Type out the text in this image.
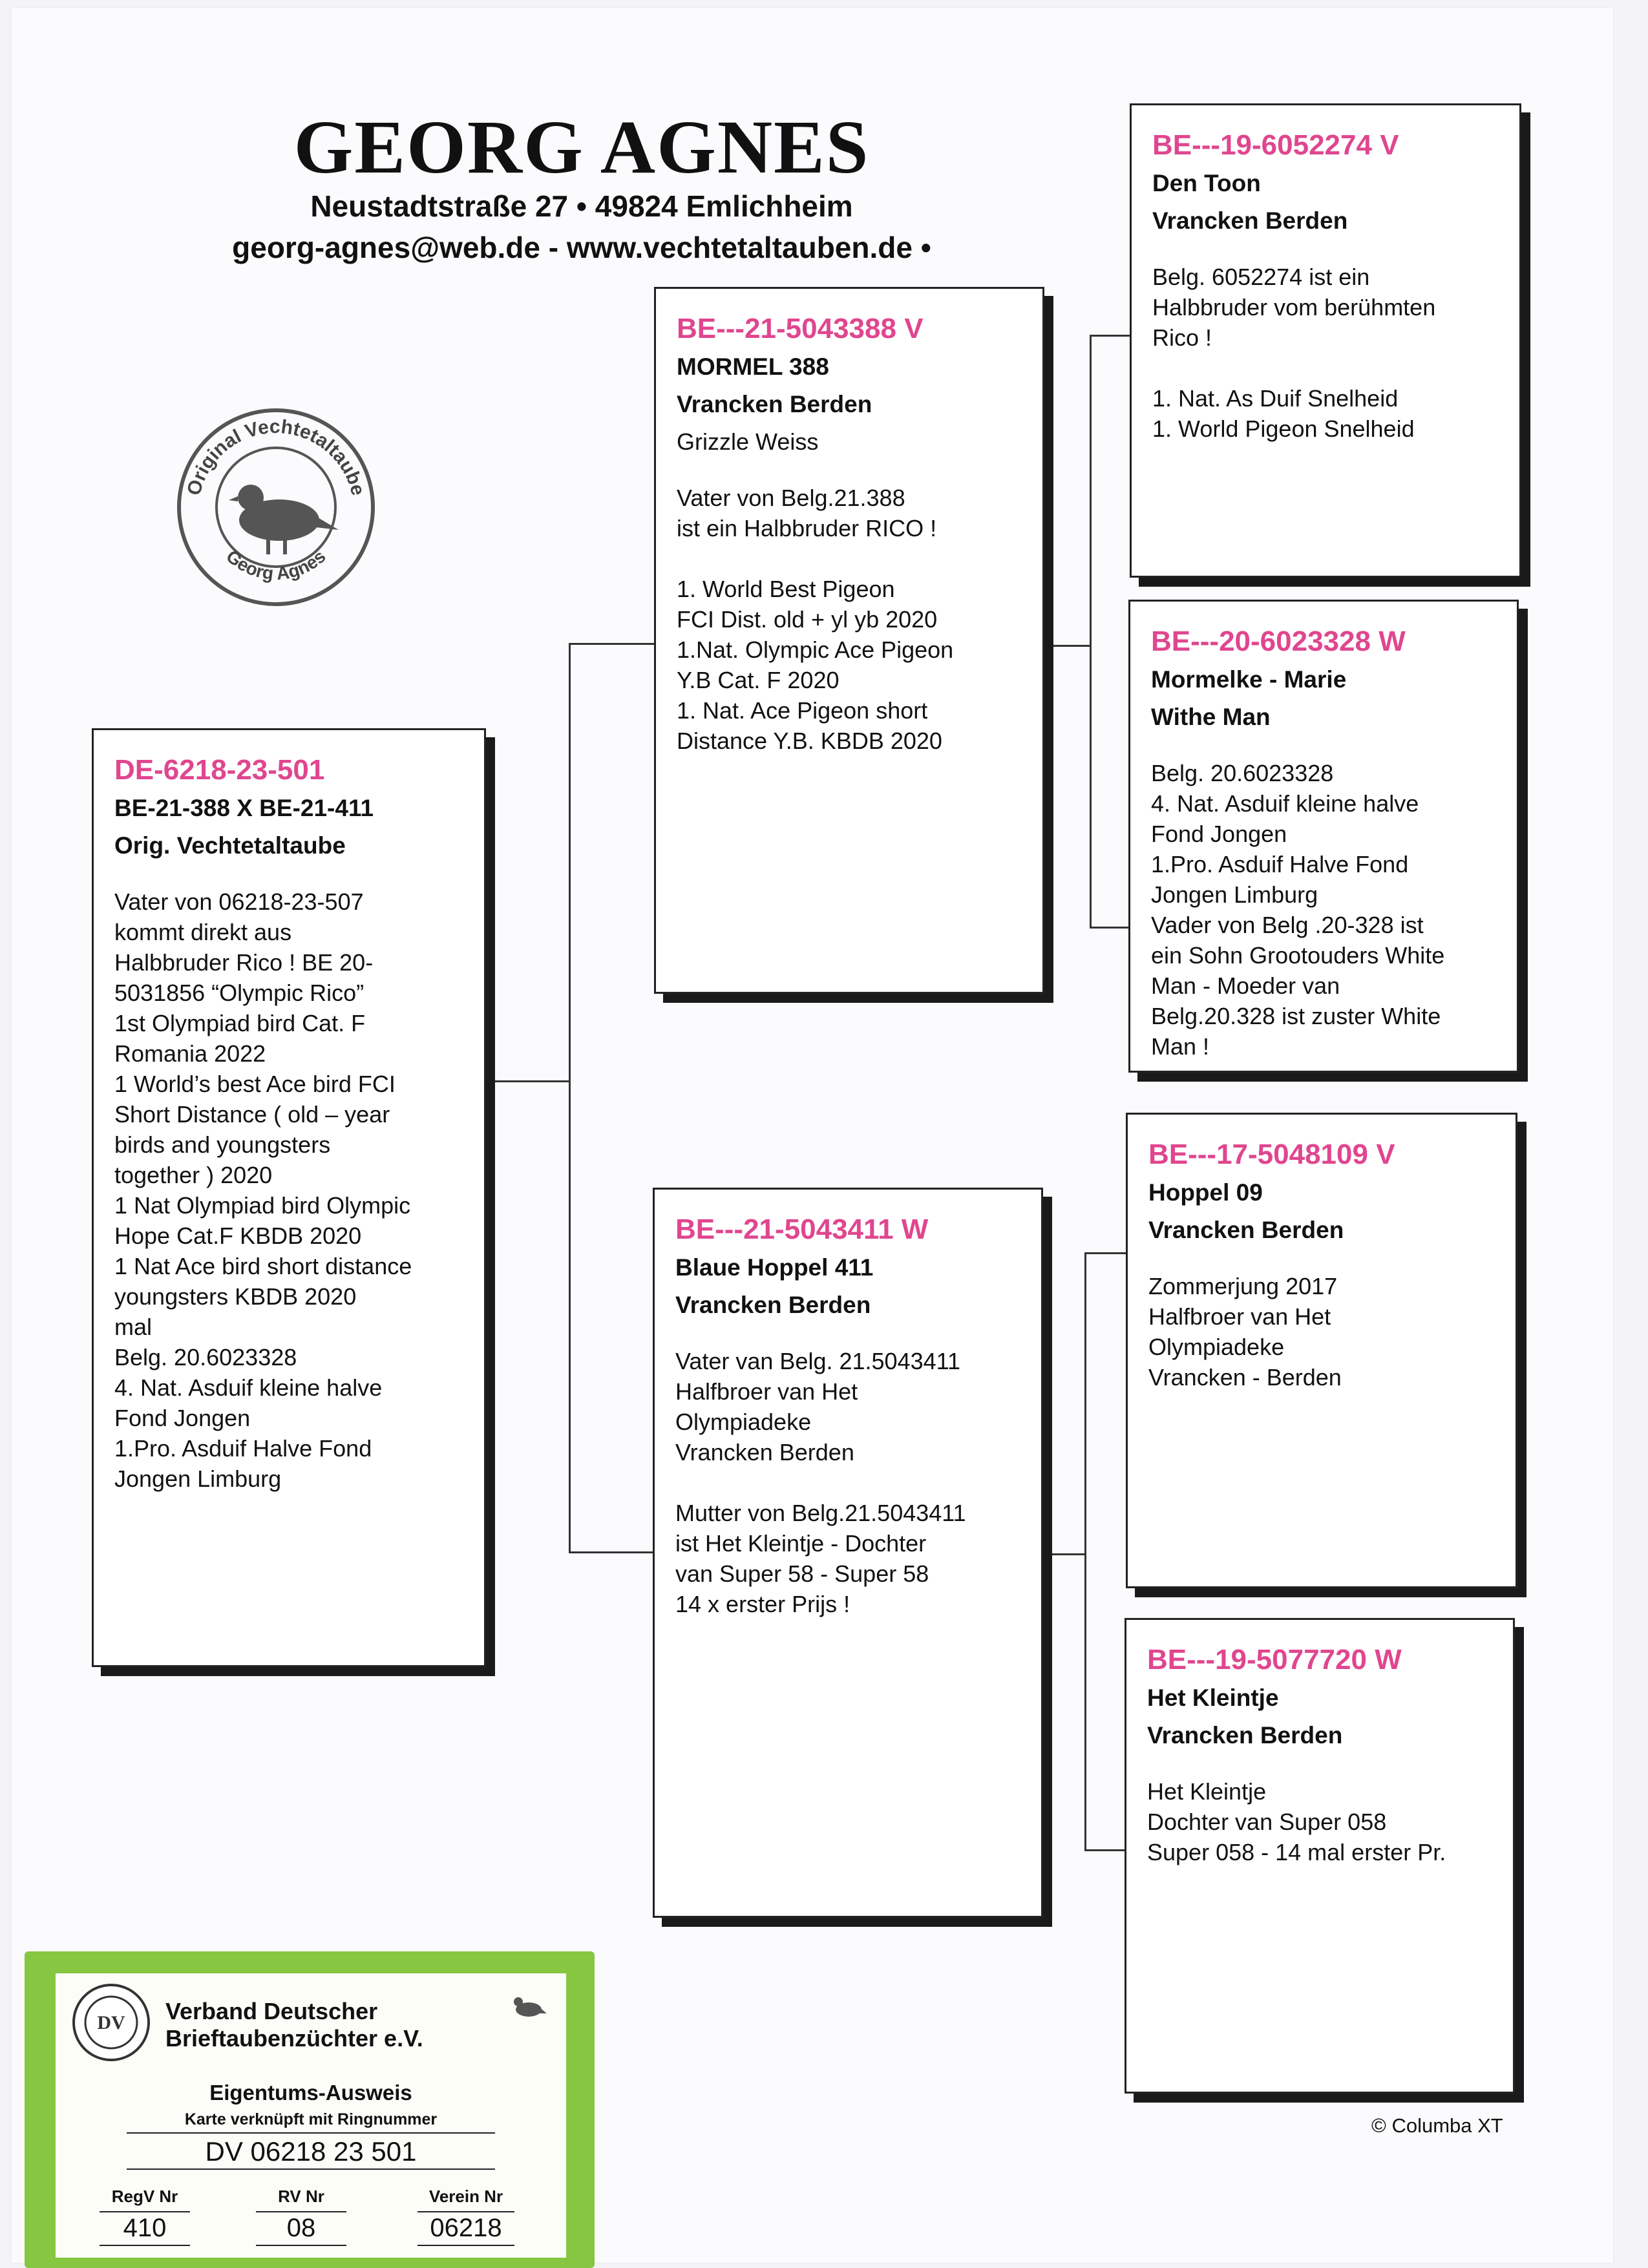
GEORG AGNES
Neustadtstraße 27 • 49824 Emlichheim
georg-agnes@web.de - www.vechtetaltauben.de •
Original Vechtetaltaube
Georg Agnes
DE-6218-23-501
BE-21-388 X BE-21-411
Orig. Vechtetaltaube
Vater von 06218-23-507
kommt direkt aus
Halbbruder Rico ! BE 20-
5031856 “Olympic Rico”
1st Olympiad bird Cat. F
Romania 2022
1 World’s best Ace bird FCI
Short Distance ( old – year
birds and youngsters
together ) 2020
1 Nat Olympiad bird Olympic
Hope Cat.F KBDB 2020
1 Nat Ace bird short distance
youngsters KBDB 2020
mal
Belg. 20.6023328
4. Nat. Asduif kleine halve
Fond Jongen
1.Pro. Asduif Halve Fond
Jongen Limburg
BE---21-5043388 V
MORMEL 388
Vrancken Berden
Grizzle Weiss
Vater von Belg.21.388
ist ein Halbbruder RICO !

1. World Best Pigeon
FCI Dist. old + yl yb 2020
1.Nat. Olympic Ace Pigeon
Y.B Cat. F 2020
1. Nat. Ace Pigeon short
Distance Y.B. KBDB 2020
BE---21-5043411 W
Blaue Hoppel 411
Vrancken Berden
Vater van Belg. 21.5043411
Halfbroer van Het
Olympiadeke
Vrancken Berden

Mutter von Belg.21.5043411
ist Het Kleintje - Dochter
van Super 58 - Super 58
14 x erster Prijs !
BE---19-6052274 V
Den Toon
Vrancken Berden
Belg. 6052274 ist ein
Halbbruder vom berühmten
Rico !

1. Nat. As Duif Snelheid
1. World Pigeon Snelheid
BE---20-6023328 W
Mormelke - Marie
Withe Man
Belg. 20.6023328
4. Nat. Asduif kleine halve
Fond Jongen
1.Pro. Asduif Halve Fond
Jongen Limburg
Vader von Belg .20-328 ist
ein Sohn Grootouders White
Man - Moeder van
Belg.20.328 ist zuster White
Man !
BE---17-5048109 V
Hoppel 09
Vrancken Berden
Zommerjung 2017
Halfbroer van Het
Olympiadeke
Vrancken - Berden
BE---19-5077720 W
Het Kleintje
Vrancken Berden
Het Kleintje
Dochter van Super 058
Super 058 - 14 mal erster Pr.
© Columba XT
DV Verband Deutscher
Brieftaubenzüchter e.V.
Eigentums-Ausweis
Karte verknüpft mit Ringnummer
DV 06218 23 501
RegV Nr	RV Nr	Verein Nr
410	08	06218
